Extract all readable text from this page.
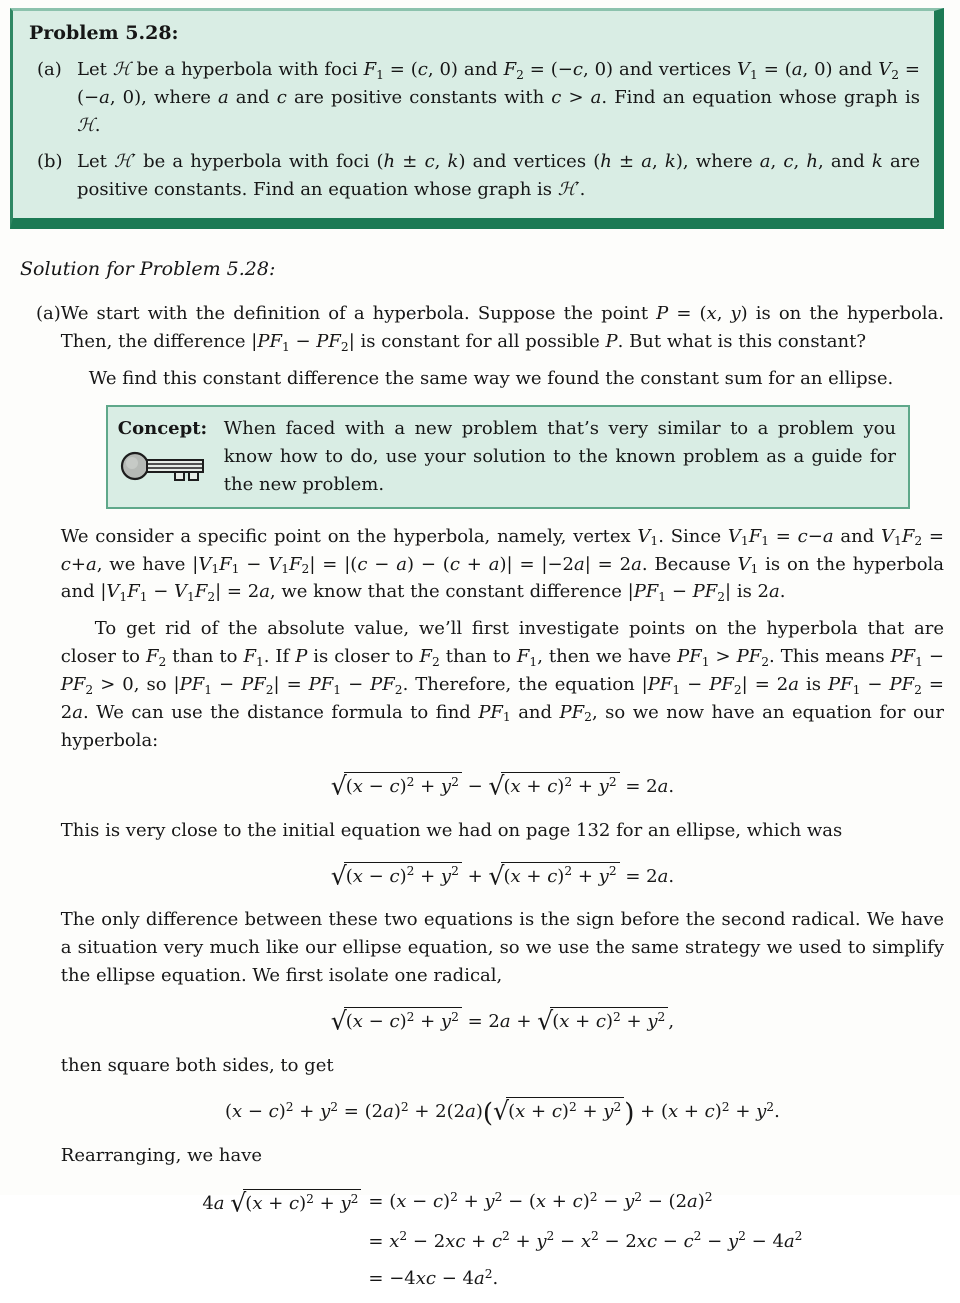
Problem 5.28:
(a) Let ℋ be a hyperbola with foci $F_1 = (c$, 0) and $F_2 = (-c$, 0) and vertices $V_1 = (a$, 0) and $V_2 = (-a$, 0), where a and c are positive constants with c > a. Find an equation whose graph is ℋ.

(b) Let ℋ′ be a hyperbola with foci (h ± c, k) and vertices (h ± a, k), where a, c, h, and k are positive constants. Find an equation whose graph is ℋ′.

Solution for Problem 5.28:

(a) We start with the definition of a hyperbola. Suppose the point P = (x, y) is on the hyperbola. Then, the difference $|PF_1 - PF_2|$ is constant for all possible P. But what is this constant?

We find this constant difference the same way we found the constant sum for an ellipse.

Concept: When faced with a new problem that’s very similar to a problem you know how to do, use your solution to the known problem as a guide for the new problem.

We consider a specific point on the hyperbola, namely, vertex $V_1$. Since $V_1F_1 = c-a$ and $V_1F_2 = c+a$, we have $|V_1F_1 - V_1F_2| = |(c - a) - (c + a)| = |-2a| = 2a$. Because $V_1$ is on the hyperbola and $|V_1F_1 - V_1F_2| = 2a$, we know that the constant difference $|PF_1 - PF_2|$ is 2a.

To get rid of the absolute value, we’ll first investigate points on the hyperbola that are closer to $F_2$ than to $F_1$. If P is closer to $F_2$ than to $F_1$, then we have $PF_1 > PF_2$. This means $PF_1 - PF_2 > 0$, so $|PF_1 - PF_2| = PF_1 - PF_2$. Therefore, the equation $|PF_1 - PF_2| = 2a$ is $PF_1 - PF_2 = 2a$. We can use the distance formula to find $PF_1$ and $PF_2$, so we now have an equation for our hyperbola:

√ $(x - c)^2 + y^2$ − √ $(x + c)^2 + y^2 = 2a$.

This is very close to the initial equation we had on page 132 for an ellipse, which was

√ $(x - c)^2 + y^2$ + √ $(x + c)^2 + y^2 = 2a$.

The only difference between these two equations is the sign before the second radical. We have a situation very much like our ellipse equation, so we use the same strategy we used to simplify the ellipse equation. We first isolate one radical,

√ $(x - c)^2 + y^2 = 2a$ + √ $(x + c)^2 + y^2$ ,

then square both sides, to get

$(x - c)^2 + y^2 = (2a)^2 + 2(2a)$( √ $(x + c)^2 + y^2$ ) + $(x + c)^2 + y^2$.

Rearranging, we have

4a √ $(x + c)^2 + y^2 = (x - c)^2 + y^2 - (x + c)^2 - y^2 - (2a)^2$
= $x^2 - 2xc + c^2 + y^2 - x^2 - 2xc - c^2 - y^2 - 4a^2$
= $-4xc - 4a^2$.
